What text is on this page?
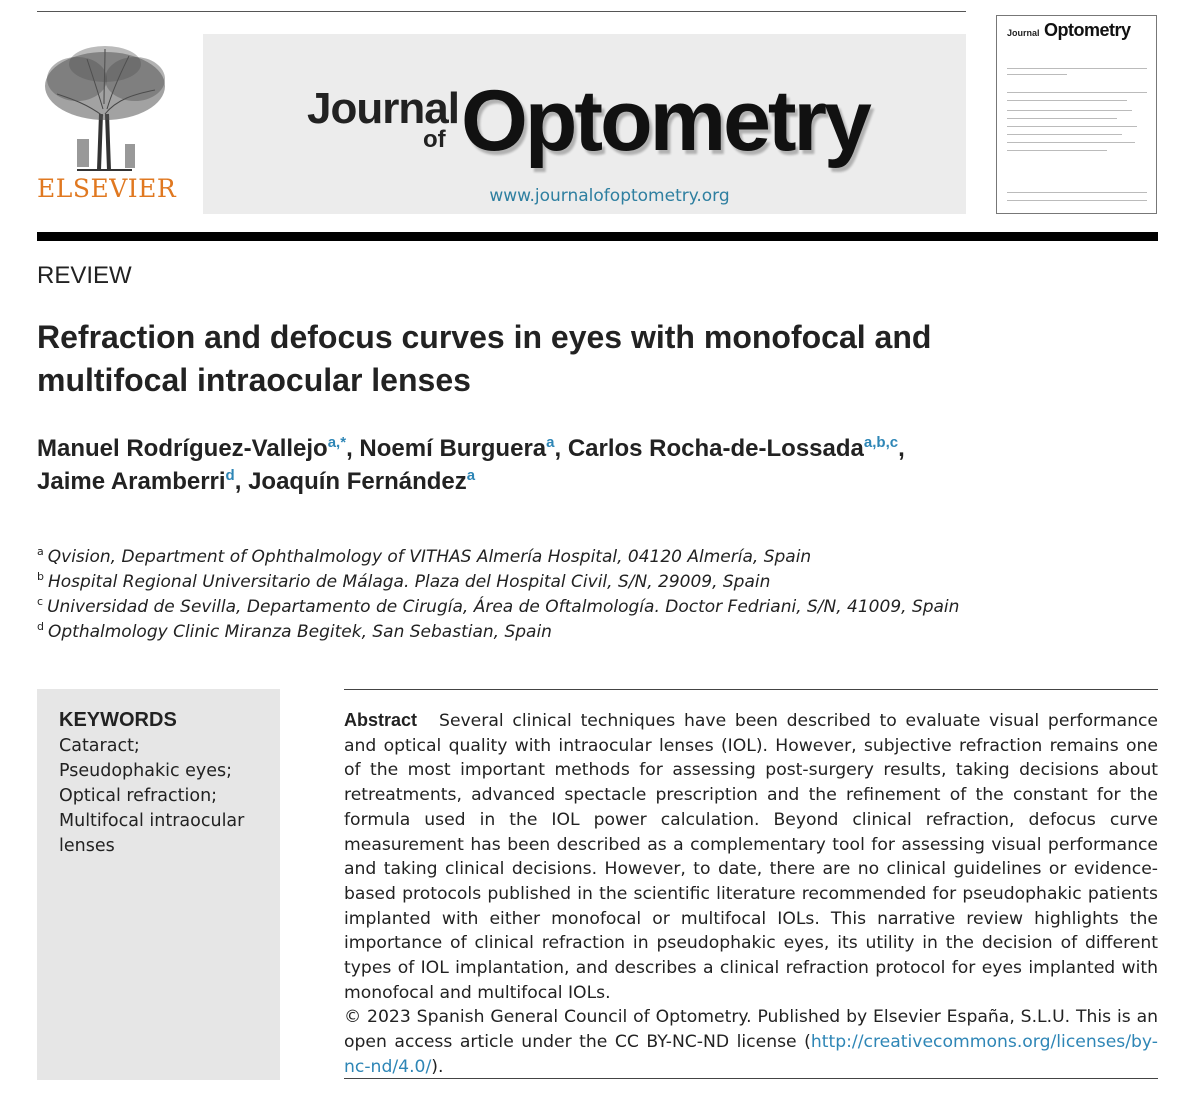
ELSEVIER
Journal
of Optometry
www.journalofoptometry.org
Journal Optometry
REVIEW
Refraction and defocus curves in eyes with monofocal and multifocal intraocular lenses
Manuel Rodríguez-Vallejo$^{a,*}$, Noemí Burguera$^a$, Carlos Rocha-de-Lossada$^{a,b,c}$,
Jaime Aramberri$^d$, Joaquín Fernández$^a$
$^a$ Qvision, Department of Ophthalmology of VITHAS Almería Hospital, 04120 Almería, Spain
$^b$ Hospital Regional Universitario de Málaga. Plaza del Hospital Civil, S/N, 29009, Spain
$^c$ Universidad de Sevilla, Departamento de Cirugía, Área de Oftalmología. Doctor Fedriani, S/N, 41009, Spain
$^d$ Opthalmology Clinic Miranza Begitek, San Sebastian, Spain
KEYWORDS
Cataract;
Pseudophakic eyes;
Optical refraction;
Multifocal intraocular lenses
Abstract Several clinical techniques have been described to evaluate visual performance and optical quality with intraocular lenses (IOL). However, subjective refraction remains one of the most important methods for assessing post-surgery results, taking decisions about retreatments, advanced spectacle prescription and the refinement of the constant for the formula used in the IOL power calculation. Beyond clinical refraction, defocus curve measurement has been described as a complementary tool for assessing visual performance and taking clinical decisions. However, to date, there are no clinical guidelines or evidence-based protocols published in the scientific literature recommended for pseudophakic patients implanted with either monofocal or multifocal IOLs. This narrative review highlights the importance of clinical refraction in pseudophakic eyes, its utility in the decision of different types of IOL implantation, and describes a clinical refraction protocol for eyes implanted with monofocal and multifocal IOLs.
© 2023 Spanish General Council of Optometry. Published by Elsevier España, S.L.U. This is an open access article under the CC BY-NC-ND license (http://creativecommons.org/licenses/by-nc-nd/4.0/).
